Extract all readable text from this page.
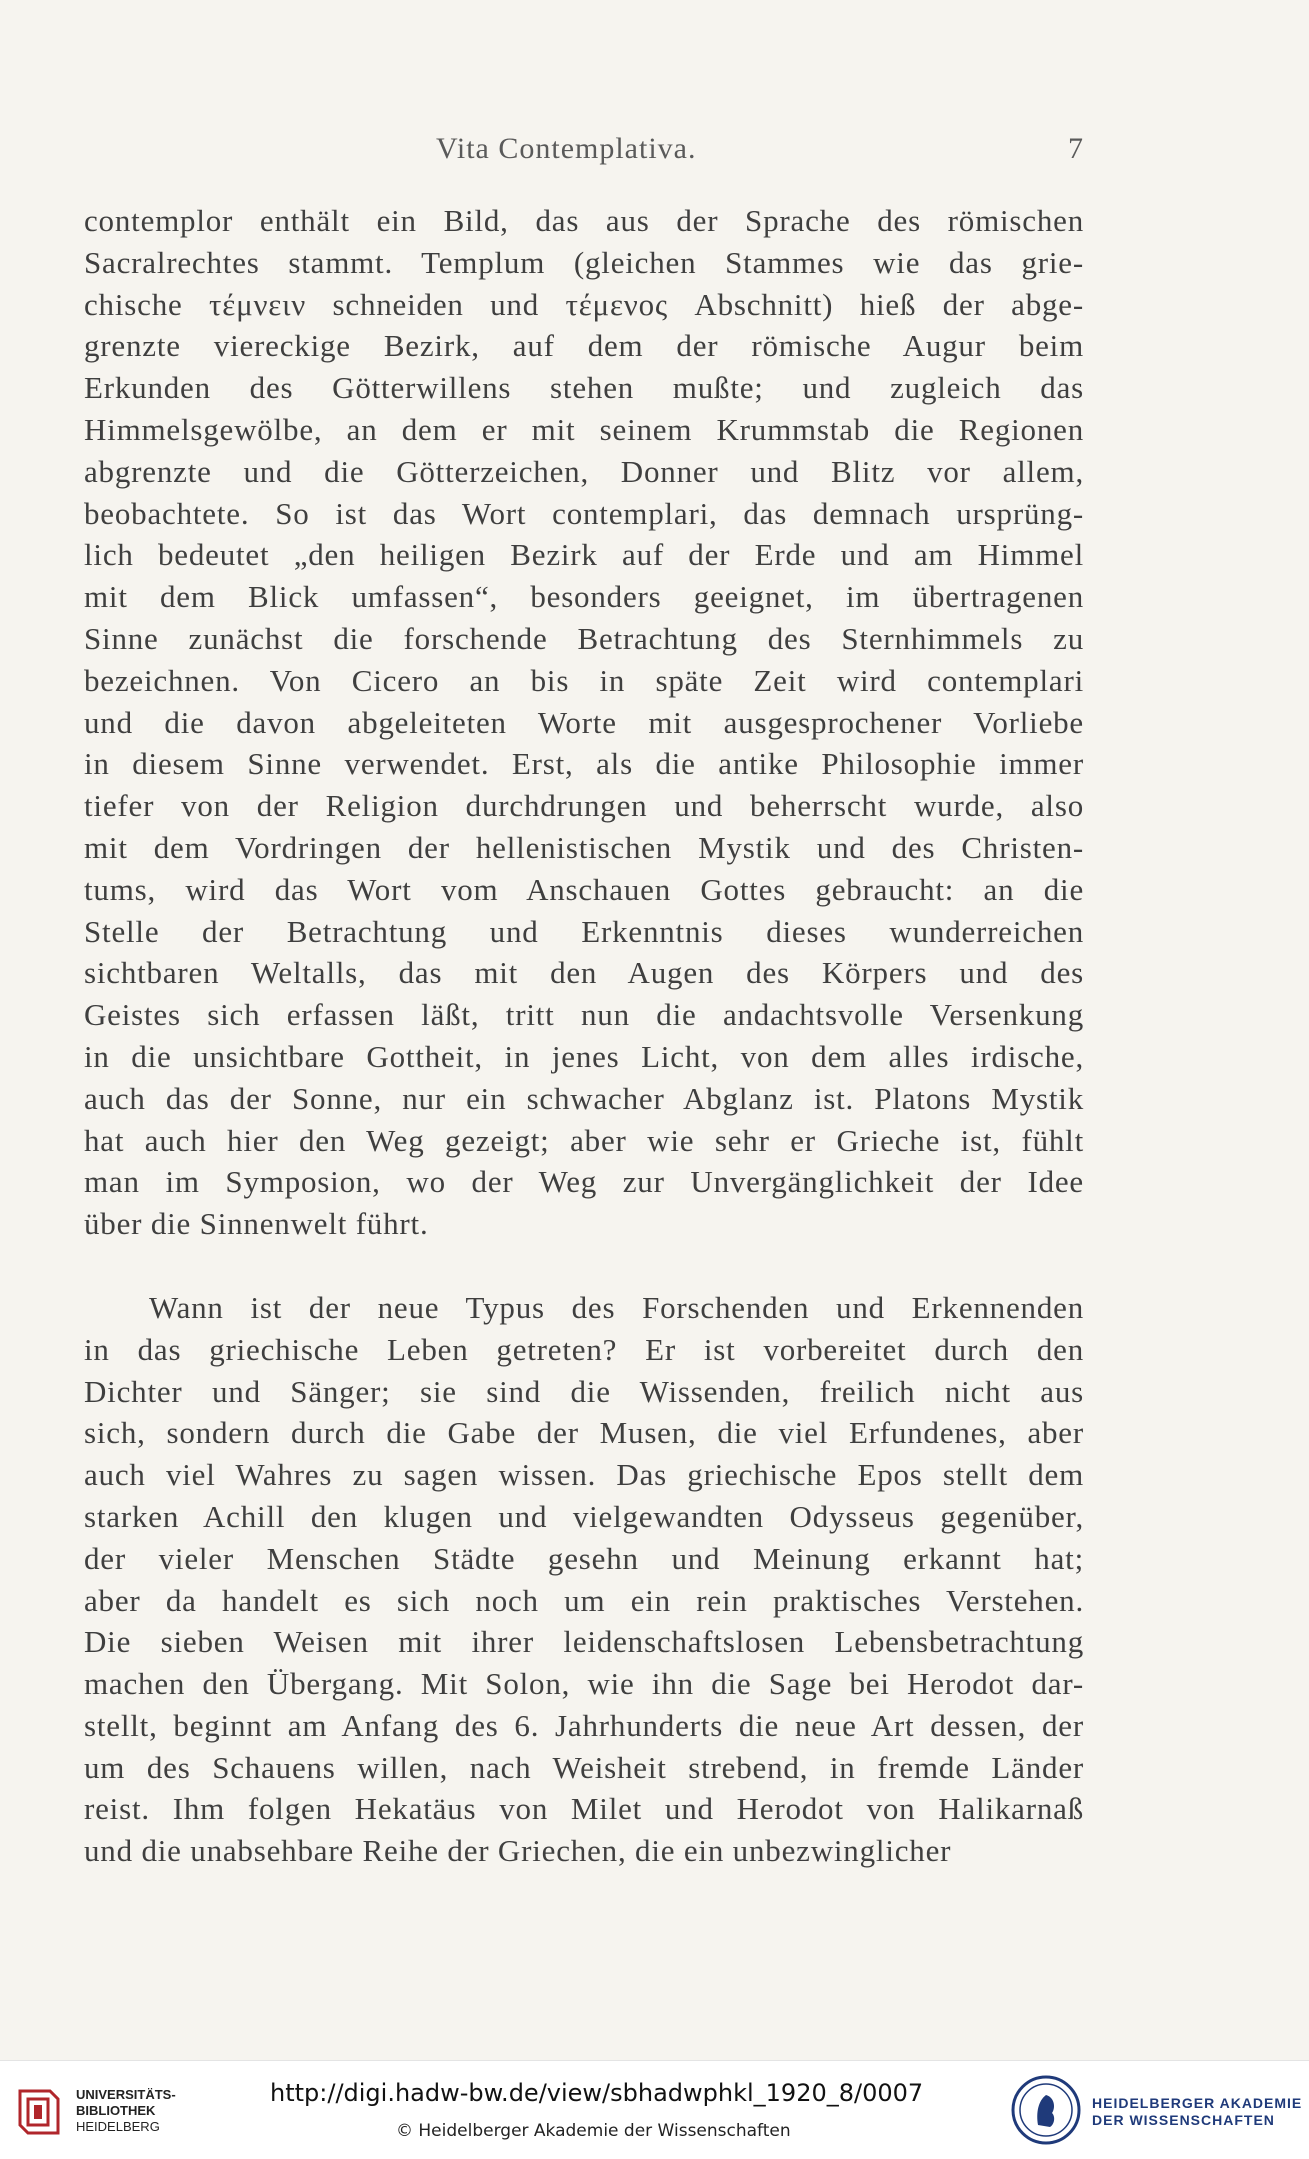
Vita Contemplativa.	7
contemplor enthält ein Bild, das aus der Sprache des römischen
Sacralrechtes stammt. Templum (gleichen Stammes wie das grie-
chische τέμνειν schneiden und τέμενος Abschnitt) hieß der abge-
grenzte viereckige Bezirk, auf dem der römische Augur beim
Erkunden des Götterwillens stehen mußte; und zugleich das
Himmelsgewölbe, an dem er mit seinem Krummstab die Regionen
abgrenzte und die Götterzeichen, Donner und Blitz vor allem,
beobachtete. So ist das Wort contemplari, das demnach ursprüng-
lich bedeutet „den heiligen Bezirk auf der Erde und am Himmel
mit dem Blick umfassen“, besonders geeignet, im übertragenen
Sinne zunächst die forschende Betrachtung des Sternhimmels zu
bezeichnen. Von Cicero an bis in späte Zeit wird contemplari
und die davon abgeleiteten Worte mit ausgesprochener Vorliebe
in diesem Sinne verwendet. Erst, als die antike Philosophie immer
tiefer von der Religion durchdrungen und beherrscht wurde, also
mit dem Vordringen der hellenistischen Mystik und des Christen-
tums, wird das Wort vom Anschauen Gottes gebraucht: an die
Stelle der Betrachtung und Erkenntnis dieses wunderreichen
sichtbaren Weltalls, das mit den Augen des Körpers und des
Geistes sich erfassen läßt, tritt nun die andachtsvolle Versenkung
in die unsichtbare Gottheit, in jenes Licht, von dem alles irdische,
auch das der Sonne, nur ein schwacher Abglanz ist. Platons Mystik
hat auch hier den Weg gezeigt; aber wie sehr er Grieche ist, fühlt
man im Symposion, wo der Weg zur Unvergänglichkeit der Idee
über die Sinnenwelt führt.
Wann ist der neue Typus des Forschenden und Erkennenden
in das griechische Leben getreten? Er ist vorbereitet durch den
Dichter und Sänger; sie sind die Wissenden, freilich nicht aus
sich, sondern durch die Gabe der Musen, die viel Erfundenes, aber
auch viel Wahres zu sagen wissen. Das griechische Epos stellt dem
starken Achill den klugen und vielgewandten Odysseus gegenüber,
der vieler Menschen Städte gesehn und Meinung erkannt hat;
aber da handelt es sich noch um ein rein praktisches Verstehen.
Die sieben Weisen mit ihrer leidenschaftslosen Lebensbetrachtung
machen den Übergang. Mit Solon, wie ihn die Sage bei Herodot dar-
stellt, beginnt am Anfang des 6. Jahrhunderts die neue Art dessen, der
um des Schauens willen, nach Weisheit strebend, in fremde Länder
reist. Ihm folgen Hekatäus von Milet und Herodot von Halikarnaß
und die unabsehbare Reihe der Griechen, die ein unbezwinglicher
UNIVERSITÄTS-
BIBLIOTHEK
HEIDELBERG
http://digi.hadw-bw.de/view/sbhadwphkl_1920_8/0007
© Heidelberger Akademie der Wissenschaften
HEIDELBERGER AKADEMIE
DER WISSENSCHAFTEN
